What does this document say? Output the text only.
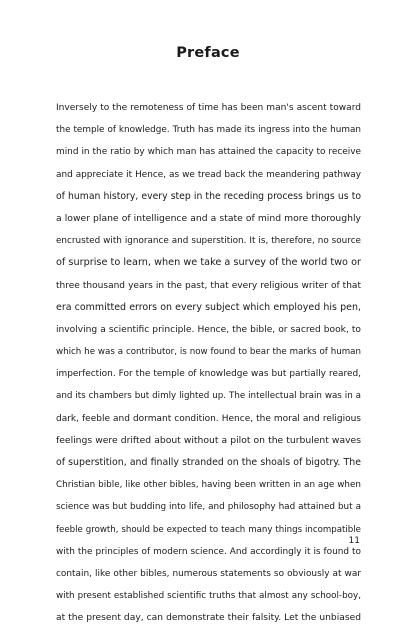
Preface
Inversely to the remoteness of time has been man's ascent toward
the temple of knowledge. Truth has made its ingress into the human
mind in the ratio by which man has attained the capacity to receive
and appreciate it Hence, as we tread back the meandering pathway
of human history, every step in the receding process brings us to
a lower plane of intelligence and a state of mind more thoroughly
encrusted with ignorance and superstition. It is, therefore, no source
of surprise to learn, when we take a survey of the world two or
three thousand years in the past, that every religious writer of that
era committed errors on every subject which employed his pen,
involving a scientific principle. Hence, the bible, or sacred book, to
which he was a contributor, is now found to bear the marks of human
imperfection. For the temple of knowledge was but partially reared,
and its chambers but dimly lighted up. The intellectual brain was in a
dark, feeble and dormant condition. Hence, the moral and religious
feelings were drifted about without a pilot on the turbulent waves
of superstition, and finally stranded on the shoals of bigotry. The
Christian bible, like other bibles, having been written in an age when
science was but budding into life, and philosophy had attained but a
feeble growth, should be expected to teach many things incompatible
with the principles of modern science. And accordingly it is found to
contain, like other bibles, numerous statements so obviously at war
with present established scientific truths that almost any school-boy,
at the present day, can demonstrate their falsity. Let the unbiased

11
